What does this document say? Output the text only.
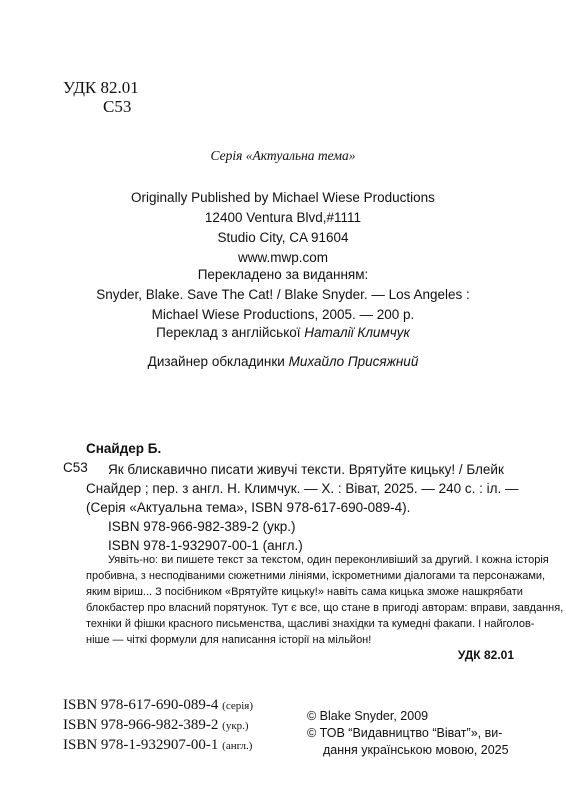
УДК 82.01
С53
Серія «Актуальна тема»
Originally Published by Michael Wiese Productions
12400 Ventura Blvd,#1111
Studio City, CA 91604
www.mwp.com
Перекладено за виданням:
Snyder, Blake. Save The Cat! / Blake Snyder. — Los Angeles :
Michael Wiese Productions, 2005. — 200 p.
Переклад з англійської Наталії Климчук
Дизайнер обкладинки Михайло Присяжний
Снайдер Б.
С53	Як блискавично писати живучі тексти. Врятуйте кицьку! / Блейк
Снайдер ; пер. з англ. Н. Климчук. — Х. : Віват, 2025. — 240 с. : іл. —
(Серія «Актуальна тема», ISBN 978-617-690-089-4).
ISBN 978-966-982-389-2 (укр.)
ISBN 978-1-932907-00-1 (англ.)
Уявіть-но: ви пишете текст за текстом, один переконливіший за другий. І кожна історія
пробивна, з несподіваними сюжетними лініями, іскрометними діалогами та персонажами,
яким віриш... З посібником «Врятуйте кицьку!» навіть сама кицька зможе нашкрябати
блокбастер про власний порятунок. Тут є все, що стане в пригоді авторам: вправи, завдання,
техніки й фішки красного письменства, щасливі знахідки та кумедні факапи. І найголов-
ніше — чіткі формули для написання історії на мільйон!
УДК 82.01
ISBN 978-617-690-089-4 (серія)
ISBN 978-966-982-389-2 (укр.)
ISBN 978-1-932907-00-1 (англ.)
© Blake Snyder, 2009
© ТОВ “Видавництво “Віват”», ви-
дання українською мовою, 2025
